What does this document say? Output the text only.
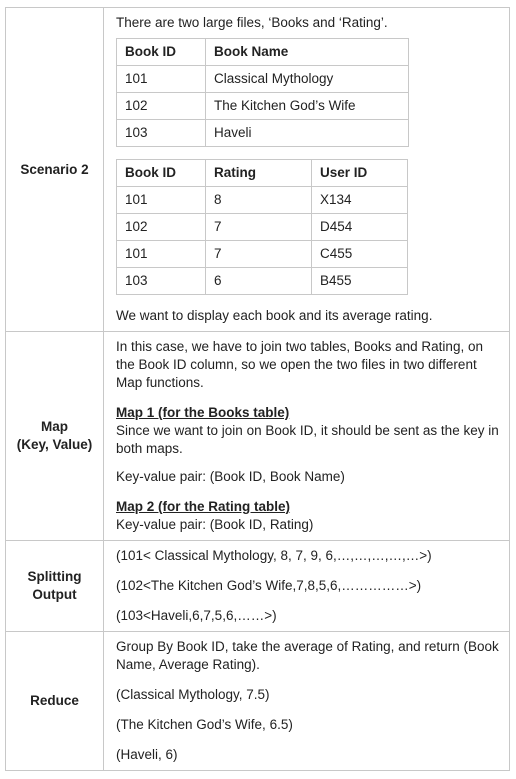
Scenario 2	

There are two large files, ‘Books and ‘Rating’.

Book ID	Book Name
101	Classical Mythology
102	The Kitchen God’s Wife
103	Haveli
Book ID	Rating	User ID
101	8	X134
102	7	D454
101	7	C455
103	6	B455

We want to display each book and its average rating.

Map
(Key, Value)

In this case, we have to join two tables, Books and Rating, on the Book ID column, so we open the two files in two different Map functions.

Map 1 (for the Books table)

Since we want to join on Book ID, it should be sent as the key in both maps.

Key-value pair: (Book ID, Book Name)

Map 2 (for the Rating table)

Key-value pair: (Book ID, Rating)

Splitting
Output

(101< Classical Mythology, 8, 7, 9, 6,…,…,…,…,…>)

(102<The Kitchen God’s Wife,7,8,5,6,……………>)

(103<Haveli,6,7,5,6,……>)

Reduce	

Group By Book ID, take the average of Rating, and return (Book Name, Average Rating).

(Classical Mythology, 7.5)

(The Kitchen God’s Wife, 6.5)

(Haveli, 6)
